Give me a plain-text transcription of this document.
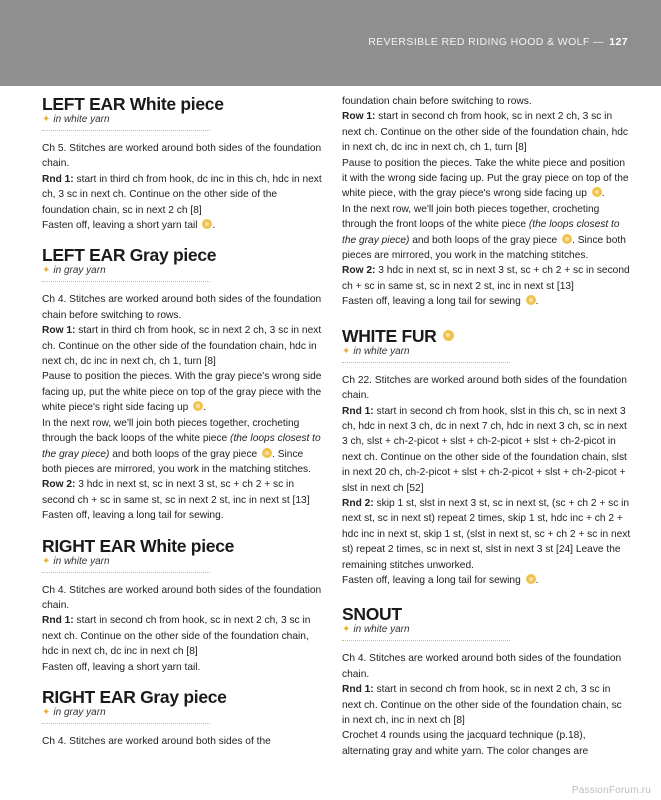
REVERSIBLE RED RIDING HOOD & WOLF — 127
LEFT EAR White piece
✦ in white yarn

Ch 5. Stitches are worked around both sides of the foundation chain.
Rnd 1: start in third ch from hook, dc inc in this ch, hdc in next ch, 3 sc in next ch. Continue on the other side of the foundation chain, sc in next 2 ch [8]
Fasten off, leaving a short yarn tail .

LEFT EAR Gray piece
✦ in gray yarn

Ch 4. Stitches are worked around both sides of the foundation chain before switching to rows.
Row 1: start in third ch from hook, sc in next 2 ch, 3 sc in next ch. Continue on the other side of the foundation chain, hdc in next ch, dc inc in next ch, ch 1, turn [8]
Pause to position the pieces. With the gray piece's wrong side facing up, put the white piece on top of the gray piece with the white piece's right side facing up .
In the next row, we'll join both pieces together, crocheting through the back loops of the white piece (the loops closest to the gray piece) and both loops of the gray piece . Since both pieces are mirrored, you work in the matching stitches.
Row 2: 3 hdc in next st, sc in next 3 st, sc + ch 2 + sc in second ch + sc in same st, sc in next 2 st, inc in next st [13]
Fasten off, leaving a long tail for sewing.

RIGHT EAR White piece
✦ in white yarn

Ch 4. Stitches are worked around both sides of the foundation chain.
Rnd 1: start in second ch from hook, sc in next 2 ch, 3 sc in next ch. Continue on the other side of the foundation chain, hdc in next ch, dc inc in next ch [8]
Fasten off, leaving a short yarn tail.

RIGHT EAR Gray piece
✦ in gray yarn

Ch 4. Stitches are worked around both sides of the

foundation chain before switching to rows.
Row 1: start in second ch from hook, sc in next 2 ch, 3 sc in next ch. Continue on the other side of the foundation chain, hdc in next ch, dc inc in next ch, ch 1, turn [8]
Pause to position the pieces. Take the white piece and position it with the wrong side facing up. Put the gray piece on top of the white piece, with the gray piece's wrong side facing up .
In the next row, we'll join both pieces together, crocheting through the front loops of the white piece (the loops closest to the gray piece) and both loops of the gray piece . Since both pieces are mirrored, you work in the matching stitches.
Row 2: 3 hdc in next st, sc in next 3 st, sc + ch 2 + sc in second ch + sc in same st, sc in next 2 st, inc in next st [13]
Fasten off, leaving a long tail for sewing .

WHITE FUR
✦ in white yarn

Ch 22. Stitches are worked around both sides of the foundation chain.
Rnd 1: start in second ch from hook, slst in this ch, sc in next 3 ch, hdc in next 3 ch, dc in next 7 ch, hdc in next 3 ch, sc in next 3 ch, slst + ch-2-picot + slst + ch-2-picot + slst + ch-2-picot in next ch. Continue on the other side of the foundation chain, slst in next 20 ch, ch-2-picot + slst + ch-2-picot + slst + ch-2-picot + slst in next ch [52]
Rnd 2: skip 1 st, slst in next 3 st, sc in next st, (sc + ch 2 + sc in next st, sc in next st) repeat 2 times, skip 1 st, hdc inc + ch 2 + hdc inc in next st, skip 1 st, (slst in next st, sc + ch 2 + sc in next st) repeat 2 times, sc in next st, slst in next 3 st [24] Leave the remaining stitches unworked.
Fasten off, leaving a long tail for sewing .

SNOUT
✦ in white yarn

Ch 4. Stitches are worked around both sides of the foundation chain.
Rnd 1: start in second ch from hook, sc in next 2 ch, 3 sc in next ch. Continue on the other side of the foundation chain, sc in next ch, inc in next ch [8]
Crochet 4 rounds using the jacquard technique (p.18), alternating gray and white yarn. The color changes are

PassionForum.ru
